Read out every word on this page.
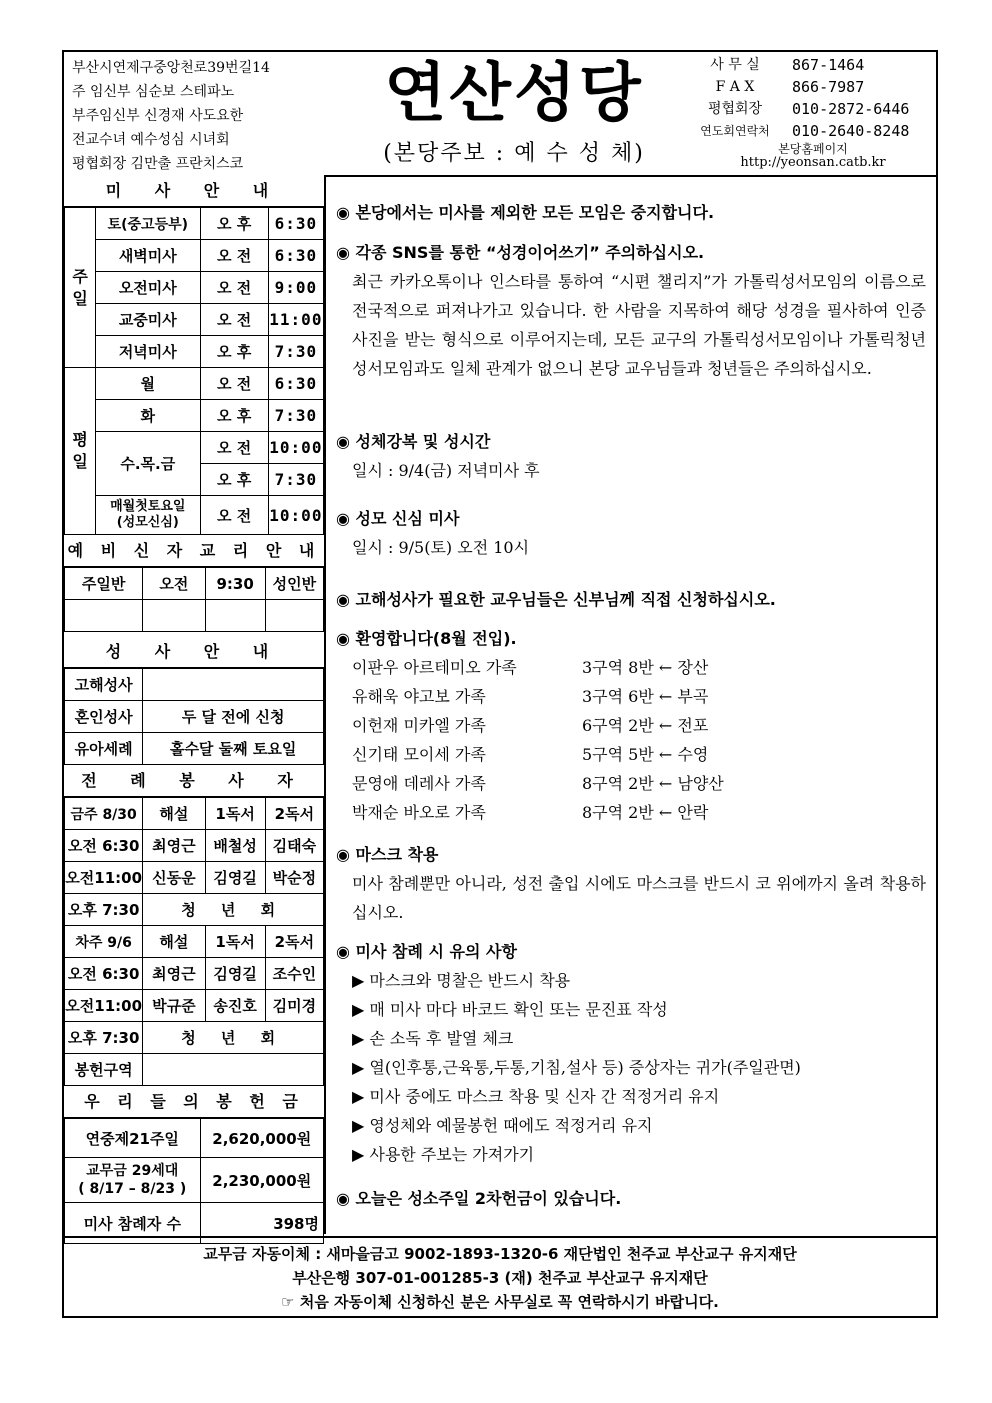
부산시연제구중앙천로39번길14
주 임신부 심순보 스테파노
부주임신부 신경재 사도요한
전교수녀 예수성심 시녀회
평협회장 김만출 프란치스코
연산성당
(본당주보 : 예 수 성 체)
사 무 실	867-1464
F A X	866-7987
평협회장	010-2872-6446
연도회연락처	010-2640-8248
본당홈페이지
http://yeonsan.catb.kr
미 사 안 내
주
일	토(중고등부)	오 후	6:30
	새벽미사	오 전	6:30
	오전미사	오 전	9:00
	교중미사	오 전	11:00
	저녁미사	오 후	7:30
평
일	월	오 전	6:30
	화	오 후	7:30
	수.목.금	오 전	10:00
		오 후	7:30
	매월첫토요일
(성모신심)	오 전	10:00
예 비 신 자 교 리 안 내
주일반	오전	9:30	성인반

성 사 안 내
고해성사	
혼인성사	두 달 전에 신청
유아세례	홀수달 둘째 토요일
전 례 봉 사 자
금주 8/30	해설	1독서	2독서
오전 6:30	최영근	배철성	김태숙
오전11:00	신동운	김영길	박순정
오후 7:30	청 년 회		
차주 9/6	해설	1독서	2독서
오전 6:30	최영근	김영길	조수인
오전11:00	박규준	송진호	김미경
오후 7:30	청 년 회		
봉헌구역			
우 리 들 의 봉 헌 금
연중제21주일	2,620,000원
교무금 29세대
( 8/17 – 8/23 )	2,230,000원
미사 참례자 수	398명
◉ 본당에서는 미사를 제외한 모든 모임은 중지합니다.
◉ 각종 SNS를 통한 “성경이어쓰기” 주의하십시오.
최근 카카오톡이나 인스타를 통하여 “시편 챌리지”가 가톨릭성서모임의 이름으로 전국적으로 퍼져나가고 있습니다. 한 사람을 지목하여 해당 성경을 필사하여 인증 사진을 받는 형식으로 이루어지는데, 모든 교구의 가톨릭성서모임이나 가톨릭청년성서모임과도 일체 관계가 없으니 본당 교우님들과 청년들은 주의하십시오.
◉ 성체강복 및 성시간
일시 : 9/4(금) 저녁미사 후
◉ 성모 신심 미사
일시 : 9/5(토) 오전 10시
◉ 고해성사가 필요한 교우님들은 신부님께 직접 신청하십시오.
◉ 환영합니다(8월 전입).
이판우 아르테미오 가족	3구역 8반 ← 장산
유해욱 야고보 가족	3구역 6반 ← 부곡
이헌재 미카엘 가족	6구역 2반 ← 전포
신기태 모이세 가족	5구역 5반 ← 수영
문영애 데레사 가족	8구역 2반 ← 남양산
박재순 바오로 가족	8구역 2반 ← 안락
◉ 마스크 착용
미사 참례뿐만 아니라, 성전 출입 시에도 마스크를 반드시 코 위에까지 올려 착용하십시오.
◉ 미사 참례 시 유의 사항
▶ 마스크와 명찰은 반드시 착용
▶ 매 미사 마다 바코드 확인 또는 문진표 작성
▶ 손 소독 후 발열 체크
▶ 열(인후통,근육통,두통,기침,설사 등) 증상자는 귀가(주일관면)
▶ 미사 중에도 마스크 착용 및 신자 간 적정거리 유지
▶ 영성체와 예물봉헌 때에도 적정거리 유지
▶ 사용한 주보는 가져가기
◉ 오늘은 성소주일 2차헌금이 있습니다.
교무금 자동이체 : 새마을금고 9002-1893-1320-6 재단법인 천주교 부산교구 유지재단
부산은행 307-01-001285-3 (재) 천주교 부산교구 유지재단
☞ 처음 자동이체 신청하신 분은 사무실로 꼭 연락하시기 바랍니다.
